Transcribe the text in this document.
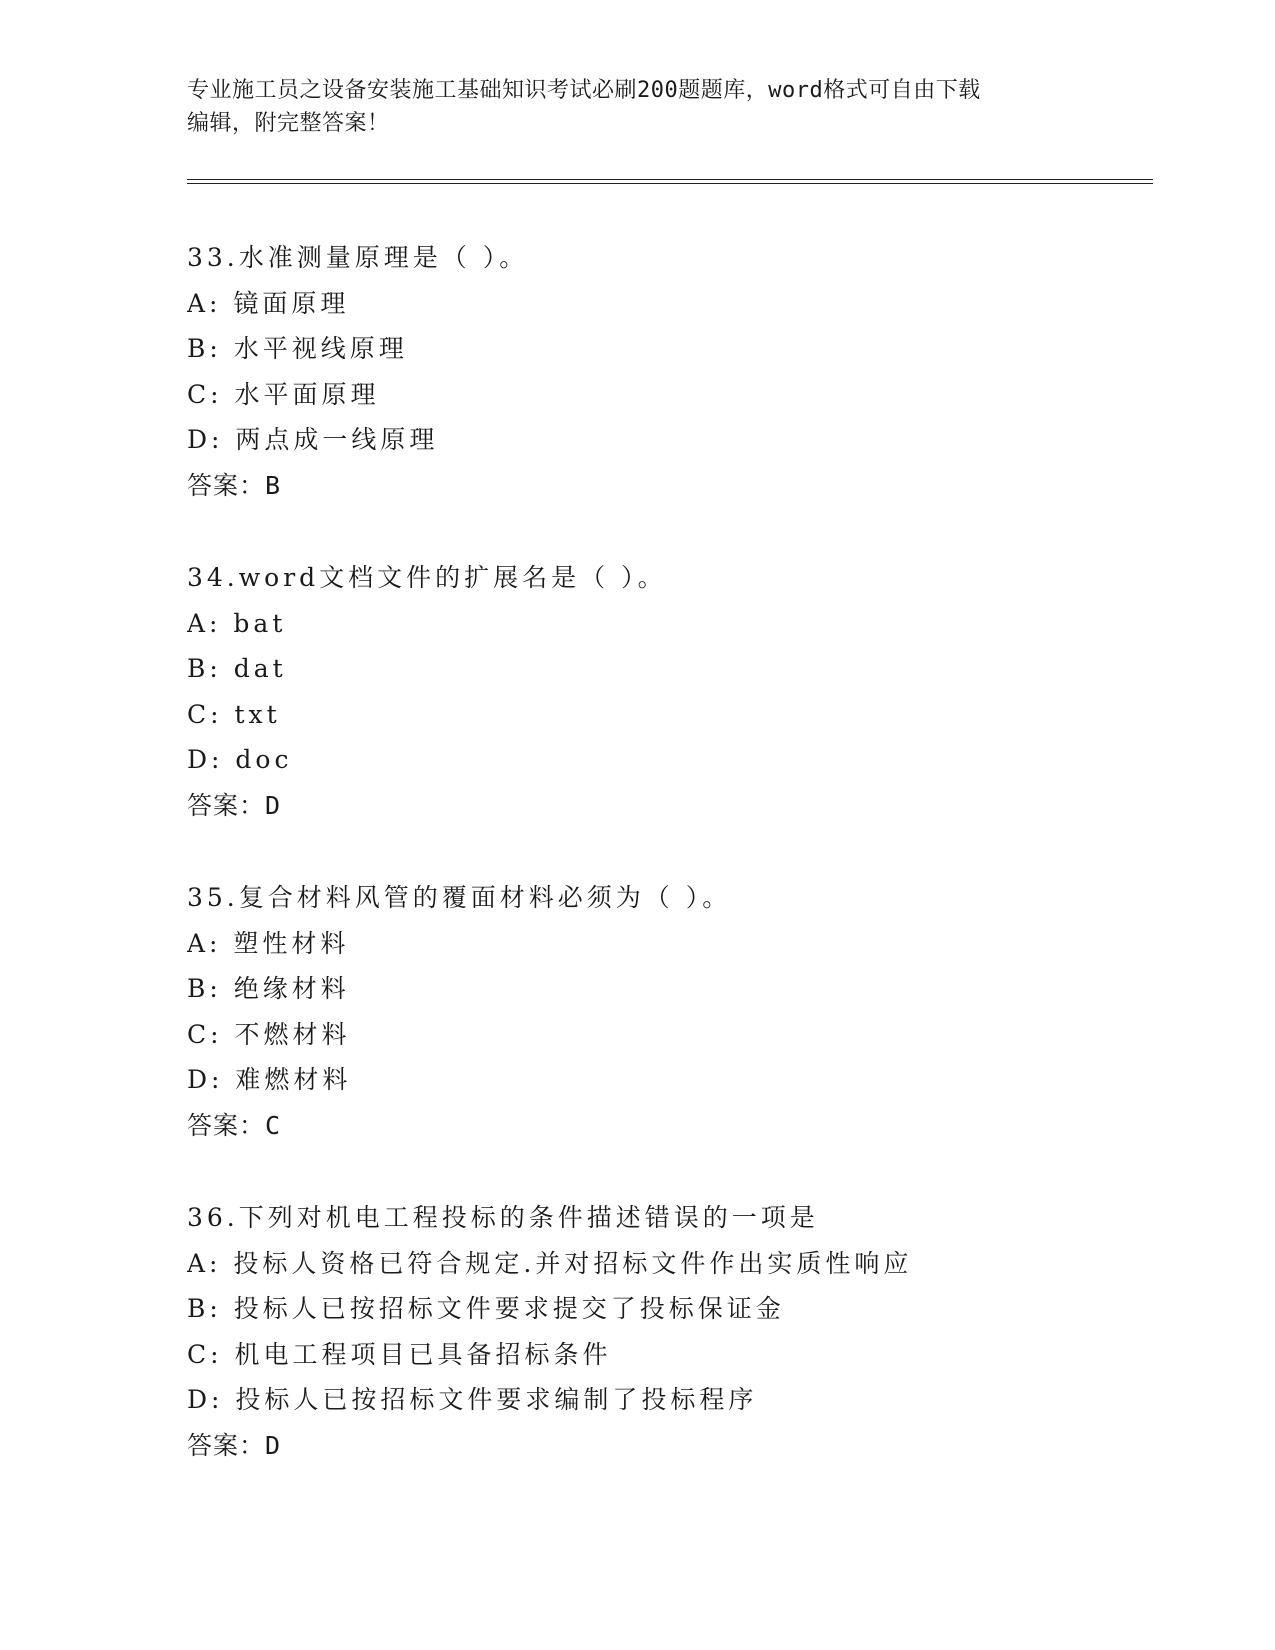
专业施工员之设备安装施工基础知识考试必刷200题题库，word格式可自由下载
编辑，附完整答案！
33.水准测量原理是（ ）。
A: 镜面原理
B: 水平视线原理
C: 水平面原理
D: 两点成一线原理
答案：B
34.word文档文件的扩展名是（ ）。
A: bat
B: dat
C: txt
D: doc
答案：D
35.复合材料风管的覆面材料必须为（ ）。
A: 塑性材料
B: 绝缘材料
C: 不燃材料
D: 难燃材料
答案：C
36.下列对机电工程投标的条件描述错误的一项是
A: 投标人资格已符合规定.并对招标文件作出实质性响应
B: 投标人已按招标文件要求提交了投标保证金
C: 机电工程项目已具备招标条件
D: 投标人已按招标文件要求编制了投标程序
答案：D
